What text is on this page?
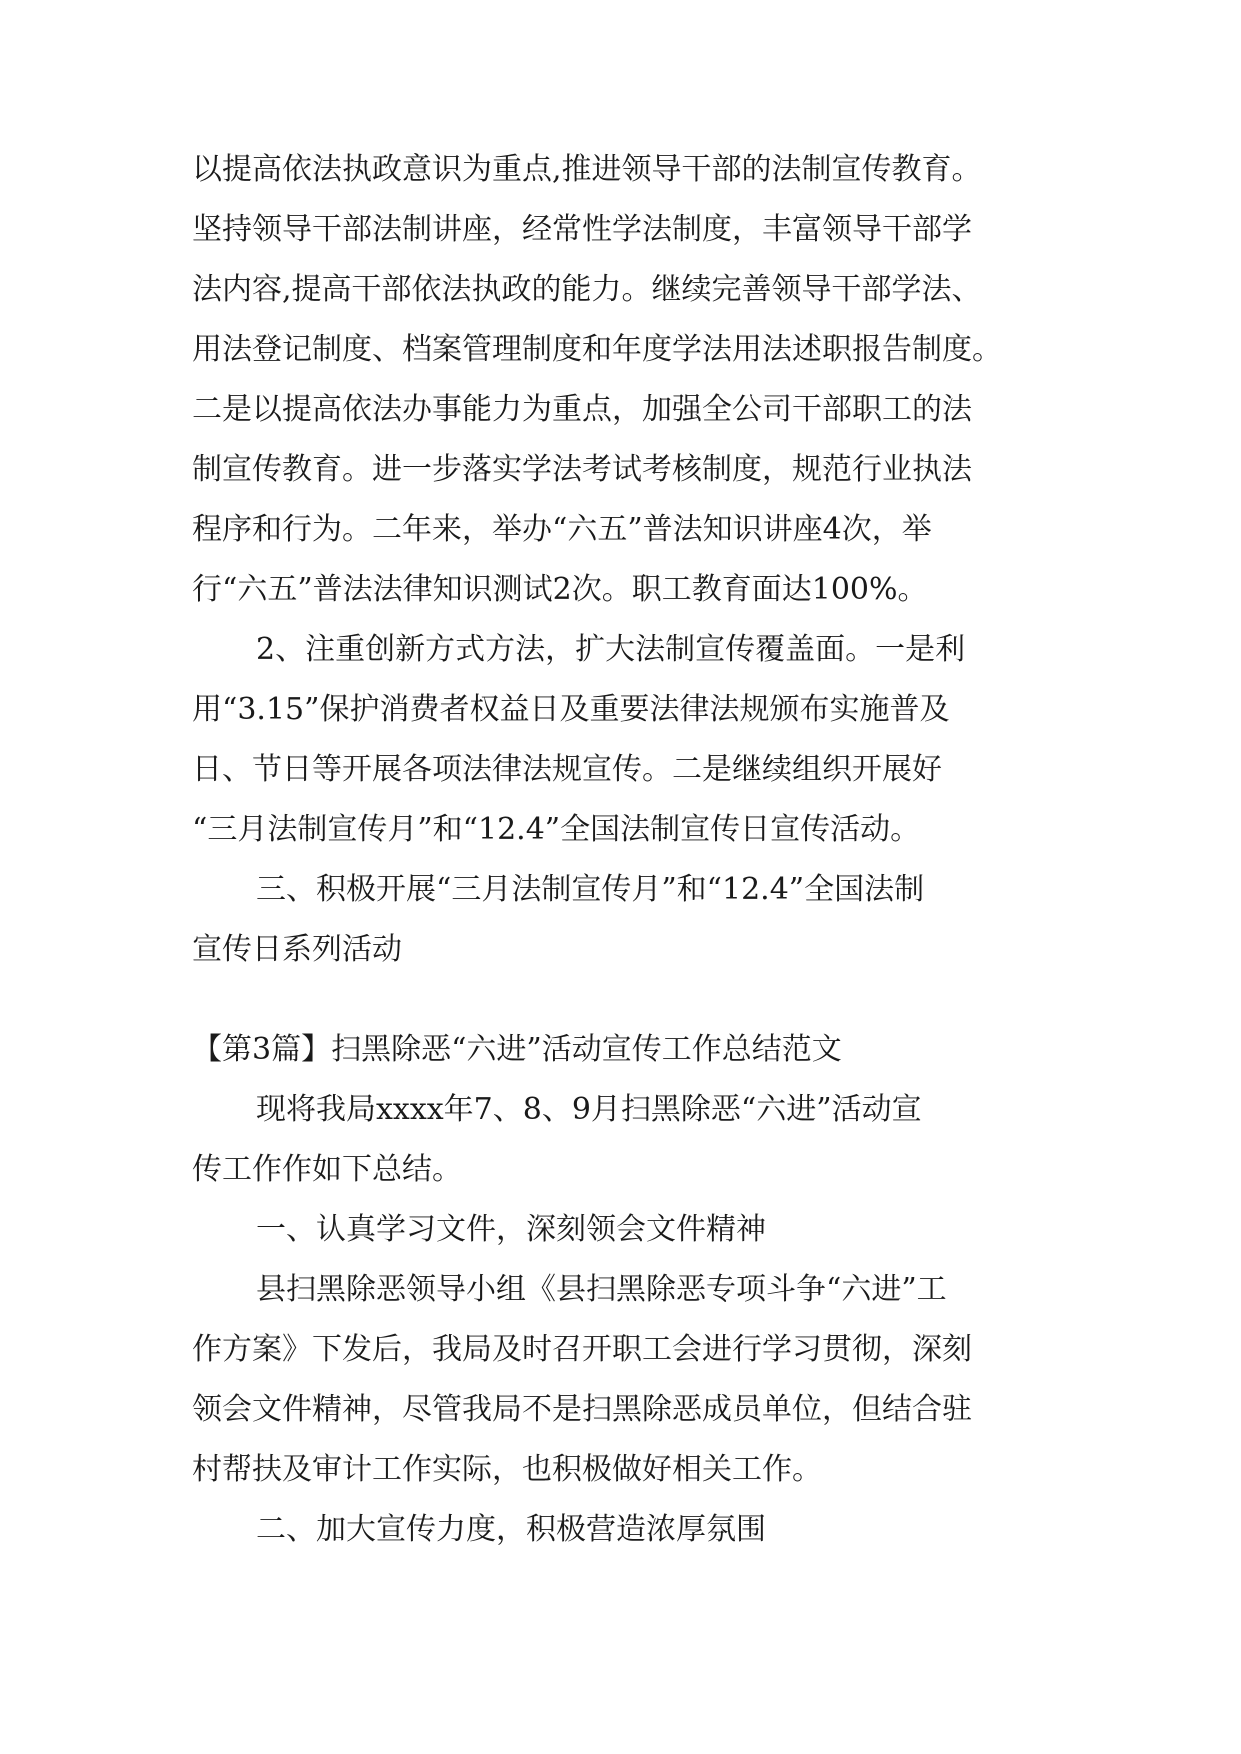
以提高依法执政意识为重点,推进领导干部的法制宣传教育。
坚持领导干部法制讲座，经常性学法制度，丰富领导干部学
法内容,提高干部依法执政的能力。继续完善领导干部学法、
用法登记制度、档案管理制度和年度学法用法述职报告制度。
二是以提高依法办事能力为重点，加强全公司干部职工的法
制宣传教育。进一步落实学法考试考核制度，规范行业执法
程序和行为。二年来，举办“六五”普法知识讲座4次，举
行“六五”普法法律知识测试2次。职工教育面达100%。
2、注重创新方式方法，扩大法制宣传覆盖面。一是利
用“3.15”保护消费者权益日及重要法律法规颁布实施普及
日、节日等开展各项法律法规宣传。二是继续组织开展好
“三月法制宣传月”和“12.4”全国法制宣传日宣传活动。
三、积极开展“三月法制宣传月”和“12.4”全国法制
宣传日系列活动
【第3篇】扫黑除恶“六进”活动宣传工作总结范文
现将我局xxxx年7、8、9月扫黑除恶“六进”活动宣
传工作作如下总结。
一、认真学习文件，深刻领会文件精神
县扫黑除恶领导小组《县扫黑除恶专项斗争“六进”工
作方案》下发后，我局及时召开职工会进行学习贯彻，深刻
领会文件精神，尽管我局不是扫黑除恶成员单位，但结合驻
村帮扶及审计工作实际，也积极做好相关工作。
二、加大宣传力度，积极营造浓厚氛围
